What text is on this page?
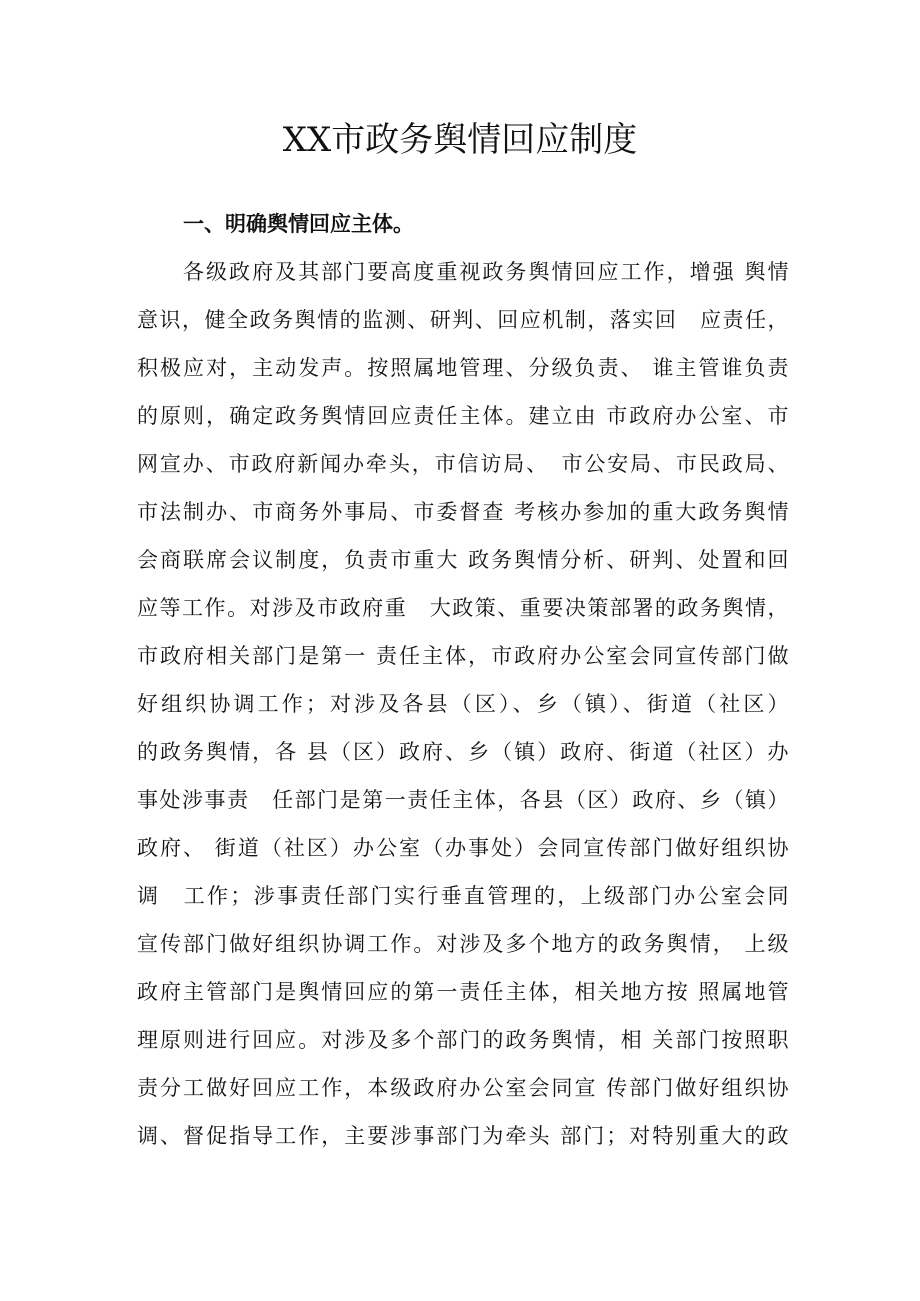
XX市政务舆情回应制度
一、明确舆情回应主体。
各级政府及其部门要高度重视政务舆情回应工作，增强 舆情
意识，健全政务舆情的监测、研判、回应机制，落实回　应责任，
积极应对，主动发声。按照属地管理、分级负责、 谁主管谁负责
的原则，确定政务舆情回应责任主体。建立由 市政府办公室、市
网宣办、市政府新闻办牵头，市信访局、　市公安局、市民政局、
市法制办、市商务外事局、市委督查 考核办参加的重大政务舆情
会商联席会议制度，负责市重大 政务舆情分析、研判、处置和回
应等工作。对涉及市政府重　大政策、重要决策部署的政务舆情，
市政府相关部门是第一 责任主体，市政府办公室会同宣传部门做
好组织协调工作；对涉及各县（区）、乡（镇）、街道（社区）
的政务舆情，各 县（区）政府、乡（镇）政府、街道（社区）办
事处涉事责　任部门是第一责任主体，各县（区）政府、乡（镇）
政府、 街道（社区）办公室（办事处）会同宣传部门做好组织协
调　工作；涉事责任部门实行垂直管理的，上级部门办公室会同
宣传部门做好组织协调工作。对涉及多个地方的政务舆情， 上级
政府主管部门是舆情回应的第一责任主体，相关地方按 照属地管
理原则进行回应。对涉及多个部门的政务舆情，相 关部门按照职
责分工做好回应工作，本级政府办公室会同宣 传部门做好组织协
调、督促指导工作，主要涉事部门为牵头 部门；对特别重大的政
